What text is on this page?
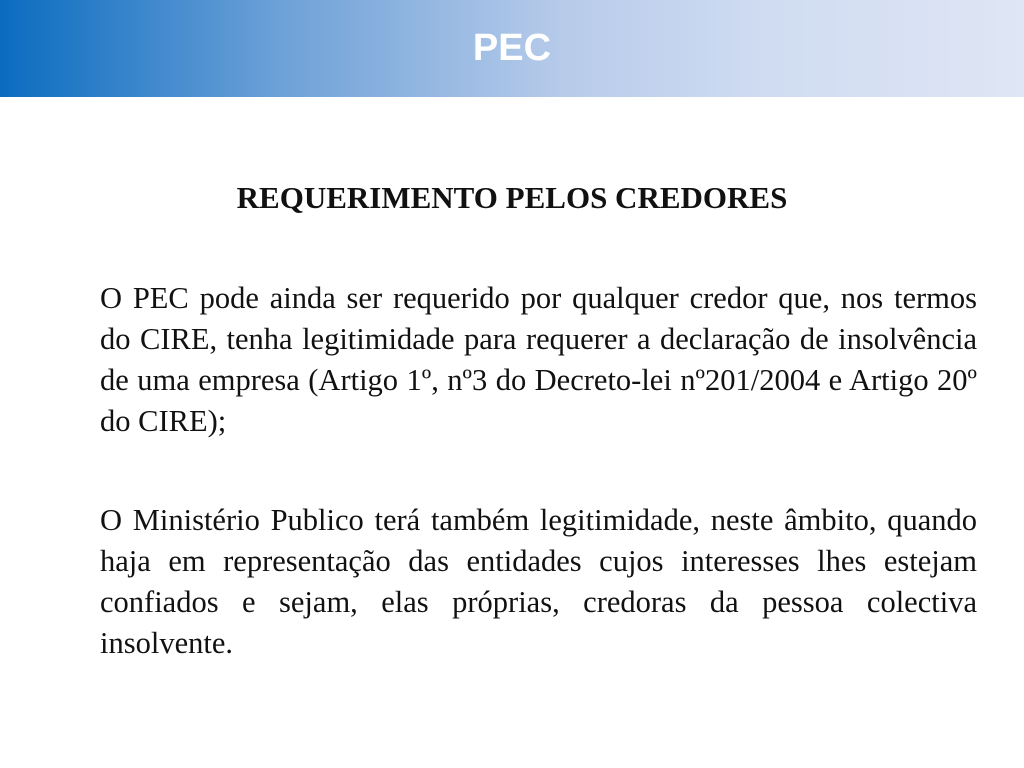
PEC
REQUERIMENTO PELOS CREDORES

O PEC pode ainda ser requerido por qualquer credor que, nos termos do CIRE, tenha legitimidade para requerer a declaração de insolvência de uma empresa (Artigo 1º, nº3 do Decreto-lei nº201/2004 e Artigo 20º do CIRE);

O Ministério Publico terá também legitimidade, neste âmbito, quando haja em representação das entidades cujos interesses lhes estejam confiados e sejam, elas próprias, credoras da pessoa colectiva insolvente.
